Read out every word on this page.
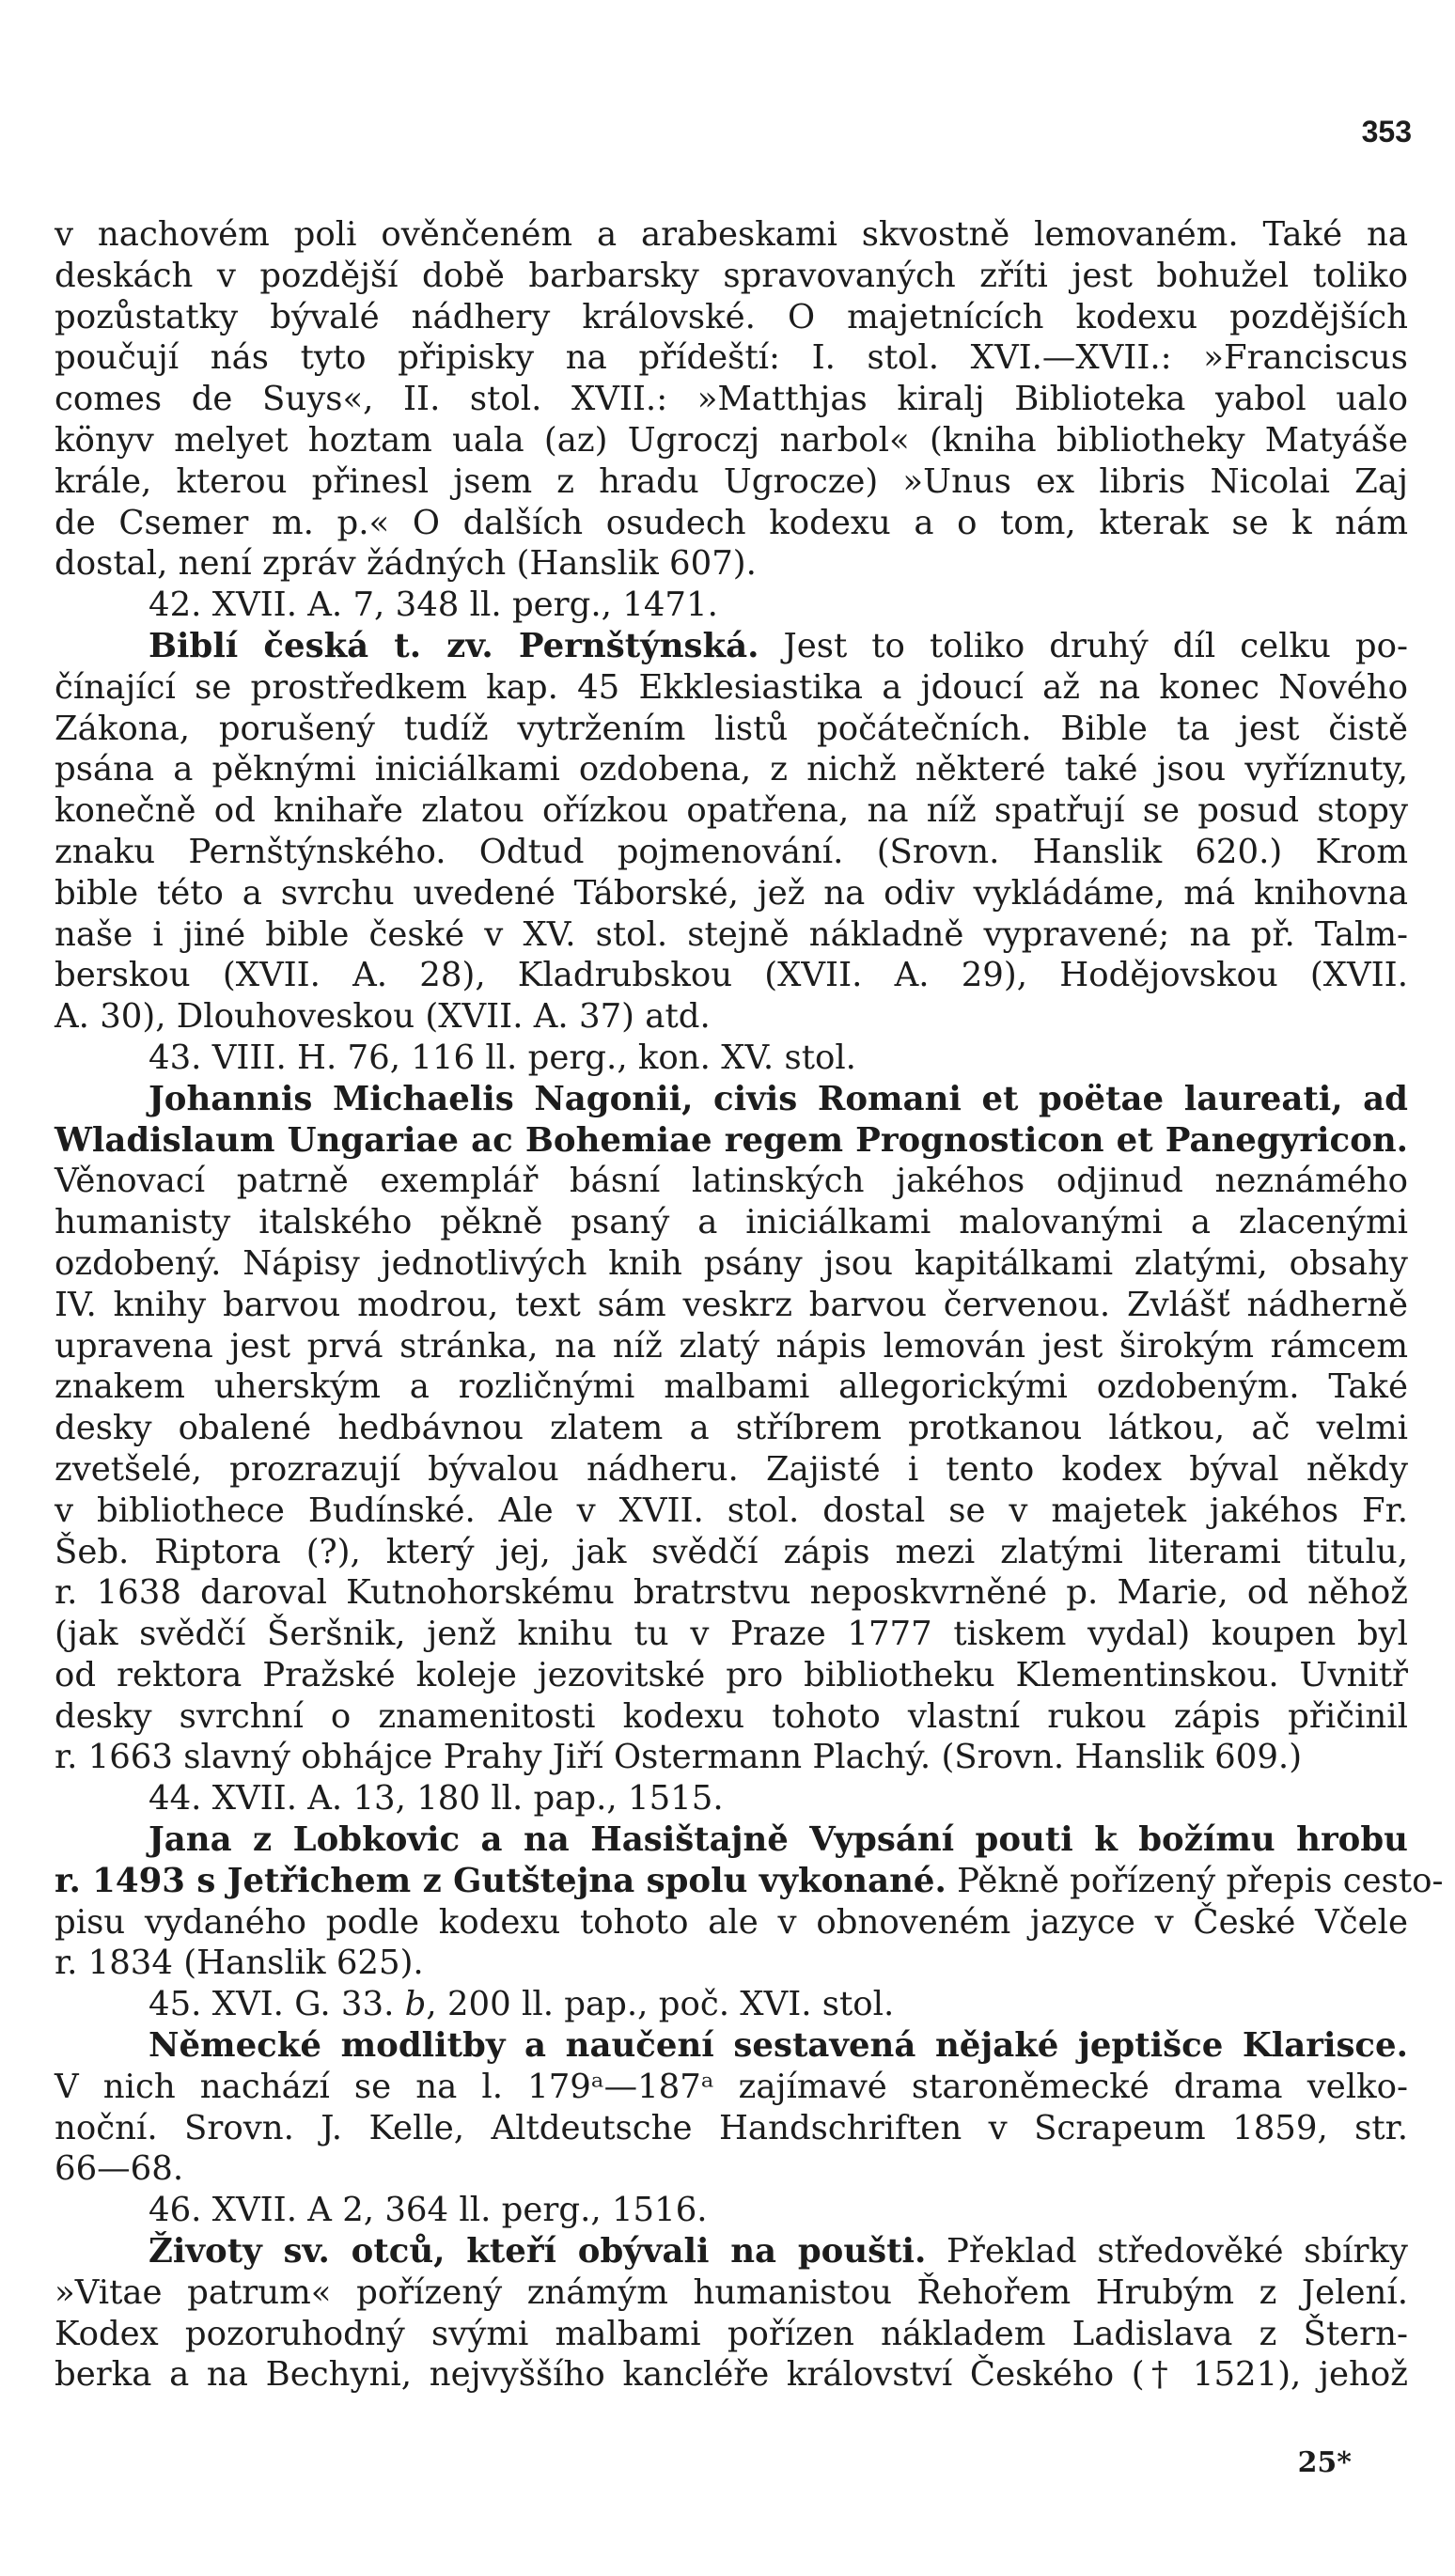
353
v nachovém poli ověnčeném a arabeskami skvostně lemovaném. Také na
deskách v pozdější době barbarsky spravovaných zříti jest bohužel toliko
pozůstatky bývalé nádhery královské. O majetnících kodexu pozdějších
poučují nás tyto připisky na přídeští: I. stol. XVI.—XVII.: »Franciscus
comes de Suys«, II. stol. XVII.: »Matthjas kiralj Biblioteka yabol ualo
könyv melyet hoztam uala (az) Ugroczj narbol« (kniha bibliotheky Matyáše
krále, kterou přinesl jsem z hradu Ugrocze) »Unus ex libris Nicolai Zaj
de Csemer m. p.« O dalších osudech kodexu a o tom, kterak se k nám
dostal, není zpráv žádných (Hanslik 607).
42. XVII. A. 7, 348 ll. perg., 1471.
Biblí česká t. zv. Pernštýnská. Jest to toliko druhý díl celku po-
čínající se prostředkem kap. 45 Ekklesiastika a jdoucí až na konec Nového
Zákona, porušený tudíž vytržením listů počátečních. Bible ta jest čistě
psána a pěknými iniciálkami ozdobena, z nichž některé také jsou vyříznuty,
konečně od knihaře zlatou ořízkou opatřena, na níž spatřují se posud stopy
znaku Pernštýnského. Odtud pojmenování. (Srovn. Hanslik 620.) Krom
bible této a svrchu uvedené Táborské, jež na odiv vykládáme, má knihovna
naše i jiné bible české v XV. stol. stejně nákladně vypravené; na př. Talm-
berskou (XVII. A. 28), Kladrubskou (XVII. A. 29), Hodějovskou (XVII.
A. 30), Dlouhoveskou (XVII. A. 37) atd.
43. VIII. H. 76, 116 ll. perg., kon. XV. stol.
Johannis Michaelis Nagonii, civis Romani et poëtae laureati, ad
Wladislaum Ungariae ac Bohemiae regem Prognosticon et Panegyricon.
Věnovací patrně exemplář básní latinských jakéhos odjinud neznámého
humanisty italského pěkně psaný a iniciálkami malovanými a zlacenými
ozdobený. Nápisy jednotlivých knih psány jsou kapitálkami zlatými, obsahy
IV. knihy barvou modrou, text sám veskrz barvou červenou. Zvlášť nádherně
upravena jest prvá stránka, na níž zlatý nápis lemován jest širokým rámcem
znakem uherským a rozličnými malbami allegorickými ozdobeným. Také
desky obalené hedbávnou zlatem a stříbrem protkanou látkou, ač velmi
zvetšelé, prozrazují bývalou nádheru. Zajisté i tento kodex býval někdy
v bibliothece Budínské. Ale v XVII. stol. dostal se v majetek jakéhos Fr.
Šeb. Riptora (?), který jej, jak svědčí zápis mezi zlatými literami titulu,
r. 1638 daroval Kutnohorskému bratrstvu neposkvrněné p. Marie, od něhož
(jak svědčí Šeršnik, jenž knihu tu v Praze 1777 tiskem vydal) koupen byl
od rektora Pražské koleje jezovitské pro bibliotheku Klementinskou. Uvnitř
desky svrchní o znamenitosti kodexu tohoto vlastní rukou zápis přičinil
r. 1663 slavný obhájce Prahy Jiří Ostermann Plachý. (Srovn. Hanslik 609.)
44. XVII. A. 13, 180 ll. pap., 1515.
Jana z Lobkovic a na Hasištajně Vypsání pouti k božímu hrobu
r. 1493 s Jetřichem z Gutštejna spolu vykonané. Pěkně pořízený přepis cesto-
pisu vydaného podle kodexu tohoto ale v obnoveném jazyce v České Včele
r. 1834 (Hanslik 625).
45. XVI. G. 33. b, 200 ll. pap., poč. XVI. stol.
Německé modlitby a naučení sestavená nějaké jeptišce Klarisce.
V nich nachází se na l. 179ᵃ—187ᵃ zajímavé staroněmecké drama velko-
noční. Srovn. J. Kelle, Altdeutsche Handschriften v Scrapeum 1859, str.
66—68.
46. XVII. A 2, 364 ll. perg., 1516.
Životy sv. otců, kteří obývali na poušti. Překlad středověké sbírky
»Vitae patrum« pořízený známým humanistou Řehořem Hrubým z Jelení.
Kodex pozoruhodný svými malbami pořízen nákladem Ladislava z Štern-
berka a na Bechyni, nejvyššího kancléře království Českého († 1521), jehož
25*
